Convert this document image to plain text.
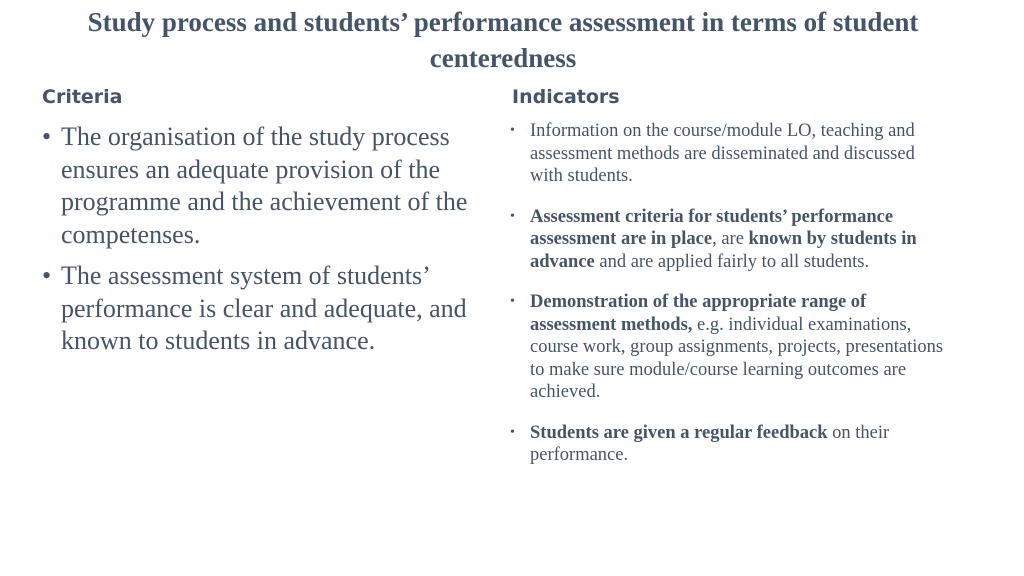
Study process and students’ performance assessment in terms of student centeredness
Criteria	Indicators
• The organisation of the study process ensures an adequate provision of the programme and the achievement of the competenses.
• The assessment system of students’ performance is clear and adequate, and known to students in advance.
• Information on the course/module LO, teaching and assessment methods are disseminated and discussed with students.
• Assessment criteria for students’ performance assessment are in place, are known by students in advance and are applied fairly to all students.
• Demonstration of the appropriate range of assessment methods, e.g. individual examinations, course work, group assignments, projects, presentations to make sure module/course learning outcomes are achieved.
• Students are given a regular feedback on their performance.
